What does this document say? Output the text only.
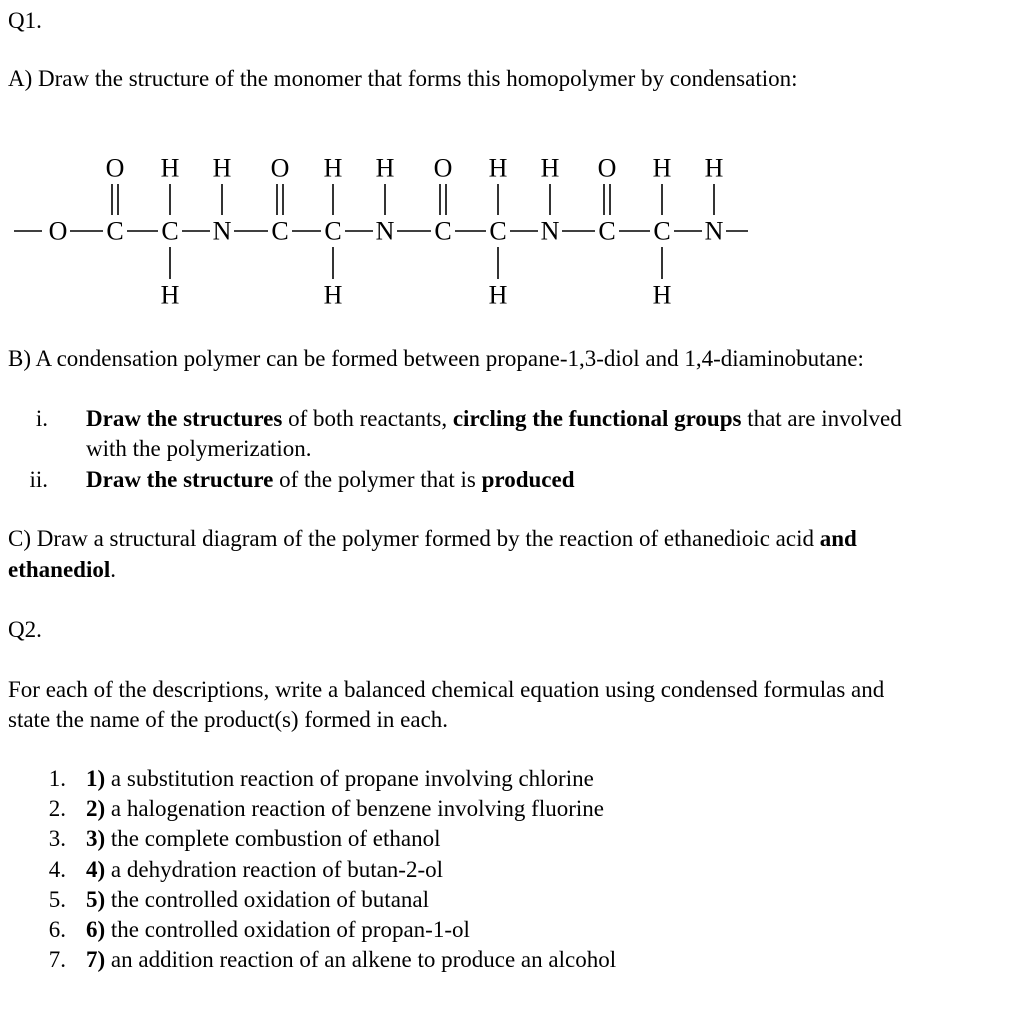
Q1.
A) Draw the structure of the monomer that forms this homopolymer by condensation:
O H H O H H O H H O H H
O C C N C C N C C N C C N
H	H	H	H
B) A condensation polymer can be formed between propane-1,3-diol and 1,4-diaminobutane:
i. Draw the structures of both reactants, circling the functional groups that are involved
with the polymerization.
ii. Draw the structure of the polymer that is produced
C) Draw a structural diagram of the polymer formed by the reaction of ethanedioic acid and
ethanediol.
Q2.
For each of the descriptions, write a balanced chemical equation using condensed formulas and
state the name of the product(s) formed in each.
1. 1) a substitution reaction of propane involving chlorine
2. 2) a halogenation reaction of benzene involving fluorine
3. 3) the complete combustion of ethanol
4. 4) a dehydration reaction of butan-2-ol
5. 5) the controlled oxidation of butanal
6. 6) the controlled oxidation of propan-1-ol
7. 7) an addition reaction of an alkene to produce an alcohol
